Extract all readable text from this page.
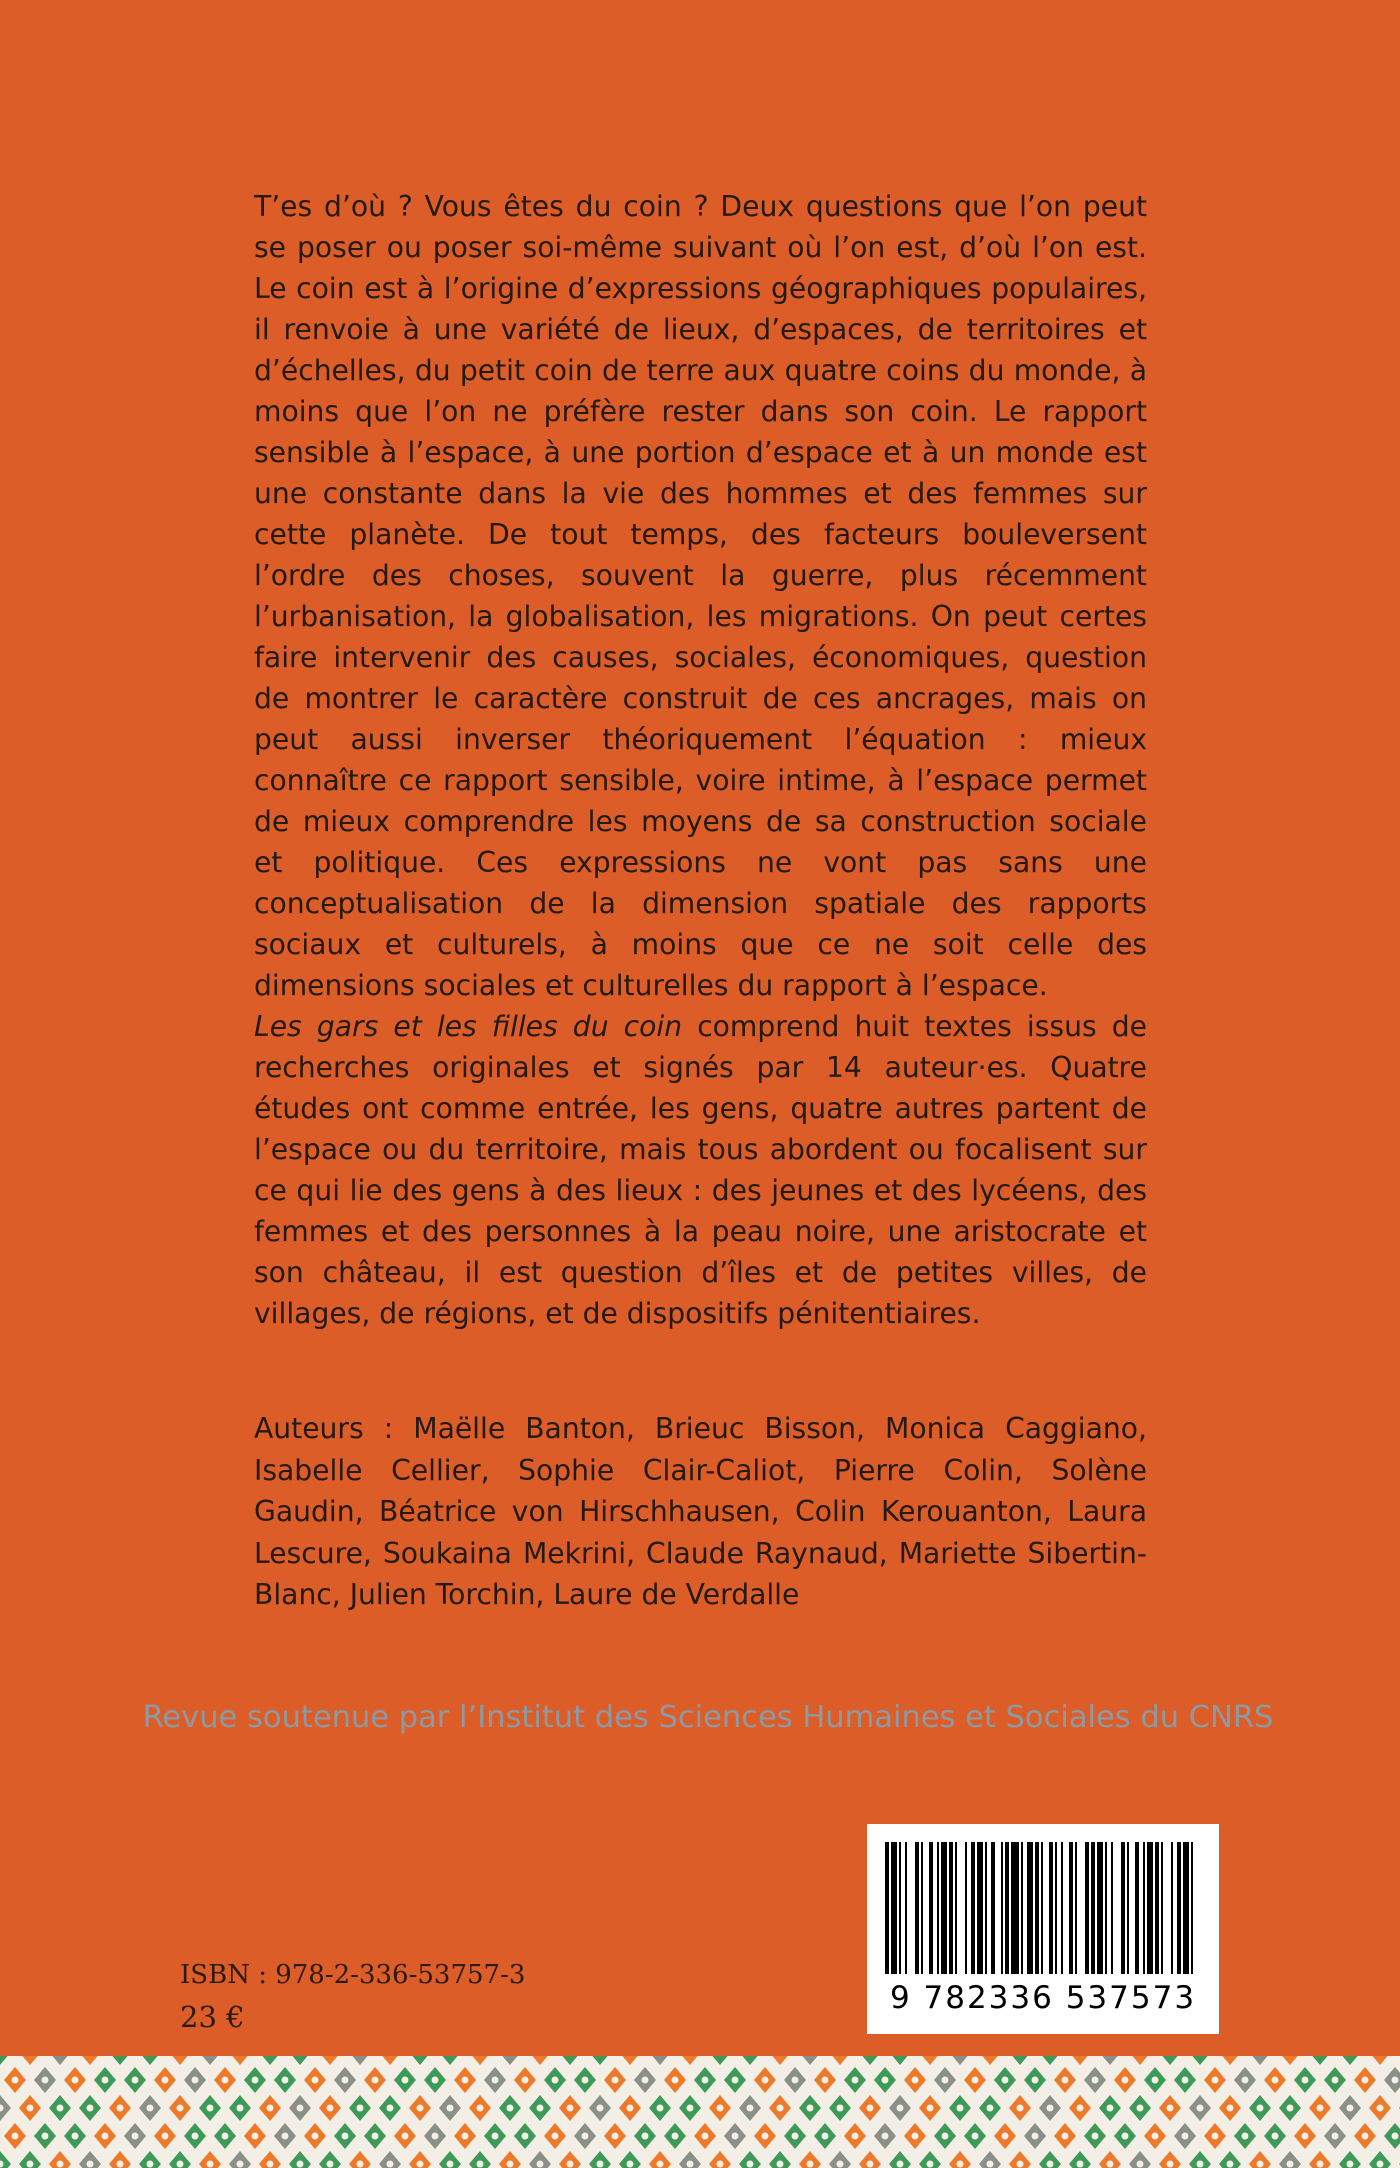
T’es d’où ? Vous êtes du coin ? Deux questions que l’on peut se poser ou poser soi-même suivant où l’on est, d’où l’on est. Le coin est à l’origine d’expressions géographiques populaires, il renvoie à une variété de lieux, d’espaces, de territoires et d’échelles, du petit coin de terre aux quatre coins du monde, à moins que l’on ne préfère rester dans son coin. Le rapport sensible à l’espace, à une portion d’espace et à un monde est une constante dans la vie des hommes et des femmes sur cette planète. De tout temps, des facteurs bouleversent l’ordre des choses, souvent la guerre, plus récemment l’urbanisation, la globalisation, les migrations. On peut certes faire intervenir des causes, sociales, économiques, question de montrer le caractère construit de ces ancrages, mais on peut aussi inverser théoriquement l’équation : mieux connaître ce rapport sensible, voire intime, à l’espace permet de mieux comprendre les moyens de sa construction sociale et politique. Ces expressions ne vont pas sans une conceptualisation de la dimension spatiale des rapports sociaux et culturels, à moins que ce ne soit celle des dimensions sociales et culturelles du rapport à l’espace.

Les gars et les filles du coin comprend huit textes issus de recherches originales et signés par 14 auteur·es. Quatre études ont comme entrée, les gens, quatre autres partent de l’espace ou du territoire, mais tous abordent ou focalisent sur ce qui lie des gens à des lieux : des jeunes et des lycéens, des femmes et des personnes à la peau noire, une aristocrate et son château, il est question d’îles et de petites villes, de villages, de régions, et de dispositifs pénitentiaires.

Auteurs : Maëlle Banton, Brieuc Bisson, Monica Caggiano, Isabelle Cellier, Sophie Clair-Caliot, Pierre Colin, Solène Gaudin, Béatrice von Hirschhausen, Colin Kerouanton, Laura Lescure, Soukaina Mekrini, Claude Raynaud, Mariette Sibertin-Blanc, Julien Torchin, Laure de Verdalle
Revue soutenue par l’Institut des Sciences Humaines et Sociales du CNRS
ISBN : 978-2-336-53757-3
23 €
9 782336 537573
